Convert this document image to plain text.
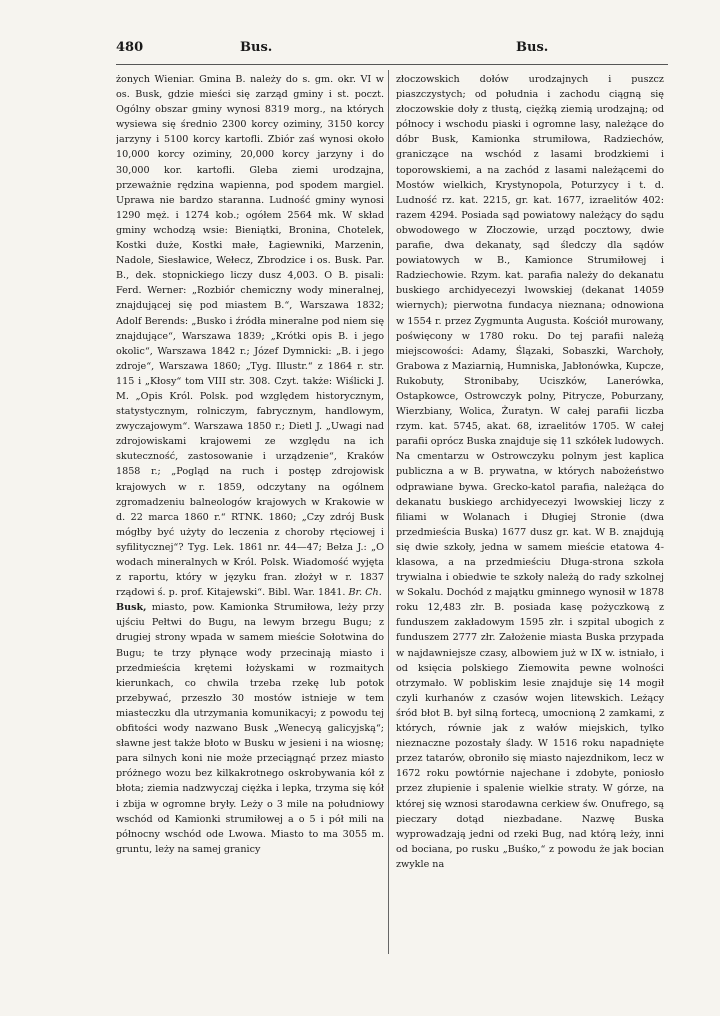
480	Bus.	Bus.

żonych Wieniar. Gmina B. należy do s. gm. okr. VI w os. Busk, gdzie mieści się zarząd gminy i st. poczt. Ogólny obszar gminy wynosi 8319 morg., na których wysiewa się średnio 2300 korcy oziminy, 3150 korcy jarzyny i 5100 korcy kartofli. Zbiór zaś wynosi około 10,000 korcy oziminy, 20,000 korcy jarzyny i do 30,000 kor. kartofli. Gleba ziemi urodzajna, przeważnie rędzina wapienna, pod spodem margiel. Uprawa nie bardzo staranna. Ludność gminy wynosi 1290 męż. i 1274 kob.; ogółem 2564 mk. W skład gminy wchodzą wsie: Bieniątki, Bronina, Chotelek, Kostki duże, Kostki małe, Łagiewniki, Marzenin, Nadole, Siesławice, Wełecz, Zbrodzice i os. Busk. Par. B., dek. stopnickiego liczy dusz 4,003. O B. pisali: Ferd. Werner: „Rozbiór chemiczny wody mineralnej, znajdującej się pod miastem B.“, Warszawa 1832; Adolf Berends: „Busko i źródła mineralne pod niem się znajdujące“, Warszawa 1839; „Krótki opis B. i jego okolic“, Warszawa 1842 r.; Józef Dymnicki: „B. i jego zdroje“, Warszawa 1860; „Tyg. Illustr.“ z 1864 r. str. 115 i „Kłosy“ tom VIII str. 308. Czyt. także: Wiślicki J. M. „Opis Król. Polsk. pod względem historycznym, statystycznym, rolniczym, fabrycznym, handlowym, zwyczajowym“. Warszawa 1850 r.; Dietl J. „Uwagi nad zdrojowiskami krajowemi ze względu na ich skuteczność, zastosowanie i urządzenie“, Kraków 1858 r.; „Pogląd na ruch i postęp zdrojowisk krajowych w r. 1859, odczytany na ogólnem zgromadzeniu balneologów krajowych w Krakowie w d. 22 marca 1860 r.“ RTNK. 1860; „Czy zdrój Busk mógłby być użyty do leczenia z choroby rtęciowej i syfilitycznej“? Tyg. Lek. 1861 nr. 44—47; Bełza J.: „O wodach mineralnych w Król. Polsk. Wiadomość wyjęta z raportu, który w języku fran. złożył w r. 1837 rządowi ś. p. prof. Kitajewski“. Bibl. War. 1841. Br. Ch.

Busk, miasto, pow. Kamionka Strumiłowa, leży przy ujściu Pełtwi do Bugu, na lewym brzegu Bugu; z drugiej strony wpada w samem mieście Sołotwina do Bugu; te trzy płynące wody przecinają miasto i przedmieścia krętemi łożyskami w rozmaitych kierunkach, co chwila trzeba rzekę lub potok przebywać, przeszło 30 mostów istnieje w tem miasteczku dla utrzymania komunikacyi; z powodu tej obfitości wody nazwano Busk „Wenecyą galicyjską“; sławne jest także błoto w Busku w jesieni i na wiosnę; para silnych koni nie może przeciągnąć przez miasto próżnego wozu bez kilkakrotnego oskrobywania kół z błota; ziemia nadzwyczaj ciężka i lepka, trzyma się kół i zbija w ogromne bryły. Leży o 3 mile na południowy wschód od Kamionki strumiłowej a o 5 i pół mili na północny wschód ode Lwowa. Miasto to ma 3055 m. gruntu, leży na samej granicy

złoczowskich dołów urodzajnych i puszcz piaszczystych; od południa i zachodu ciągną się złoczowskie doły z tłustą, ciężką ziemią urodzajną; od północy i wschodu piaski i ogromne lasy, należące do dóbr Busk, Kamionka strumiłowa, Radziechów, graniczące na wschód z lasami brodzkiemi i toporowskiemi, a na zachód z lasami należącemi do Mostów wielkich, Krystynopola, Poturzycy i t. d. Ludność rz. kat. 2215, gr. kat. 1677, izraelitów 402: razem 4294. Posiada sąd powiatowy należący do sądu obwodowego w Złoczowie, urząd pocztowy, dwie parafie, dwa dekanaty, sąd śledczy dla sądów powiatowych w B., Kamionce Strumiłowej i Radziechowie. Rzym. kat. parafia należy do dekanatu buskiego archidyecezyi lwowskiej (dekanat 14059 wiernych); pierwotna fundacya nieznana; odnowiona w 1554 r. przez Zygmunta Augusta. Kościół murowany, poświęcony w 1780 roku. Do tej parafii należą miejscowości: Adamy, Ślązaki, Sobaszki, Warchoły, Grabowa z Maziarnią, Humniska, Jabłonówka, Kupcze, Rukobuty, Stronibaby, Uciszków, Lanerówka, Ostapkowce, Ostrowczyk polny, Pitrycze, Poburzany, Wierzbiany, Wolica, Żuratyn. W całej parafii liczba rzym. kat. 5745, akat. 68, izraelitów 1705. W całej parafii oprócz Buska znajduje się 11 szkółek ludowych. Na cmentarzu w Ostrowczyku polnym jest kaplica publiczna a w B. prywatna, w których nabożeństwo odprawiane bywa. Grecko-katol parafia, należąca do dekanatu buskiego archidyecezyi lwowskiej liczy z filiami w Wolanach i Długiej Stronie (dwa przedmieścia Buska) 1677 dusz gr. kat. W B. znajdują się dwie szkoły, jedna w samem mieście etatowa 4-klasowa, a na przedmieściu Długa-strona szkoła trywialna i obiedwie te szkoły należą do rady szkolnej w Sokalu. Dochód z majątku gminnego wynosił w 1878 roku 12,483 złr. B. posiada kasę pożyczkową z funduszem zakładowym 1595 złr. i szpital ubogich z funduszem 2777 złr. Założenie miasta Buska przypada w najdawniejsze czasy, albowiem już w IX w. istniało, i od księcia polskiego Ziemowita pewne wolności otrzymało. W pobliskim lesie znajduje się 14 mogił czyli kurhanów z czasów wojen litewskich. Leżący śród błot B. był silną fortecą, umocnioną 2 zamkami, z których, równie jak z wałów miejskich, tylko nieznaczne pozostały ślady. W 1516 roku napadnięte przez tatarów, obroniło się miasto najezdnikom, lecz w 1672 roku powtórnie najechane i zdobyte, poniosło przez złupienie i spalenie wielkie straty. W górze, na której się wznosi starodawna cerkiew św. Onufrego, są pieczary dotąd niezbadane. Nazwę Buska wyprowadzają jedni od rzeki Bug, nad którą leży, inni od bociana, po rusku „Buśko,“ z powodu że jak bocian zwykle na
